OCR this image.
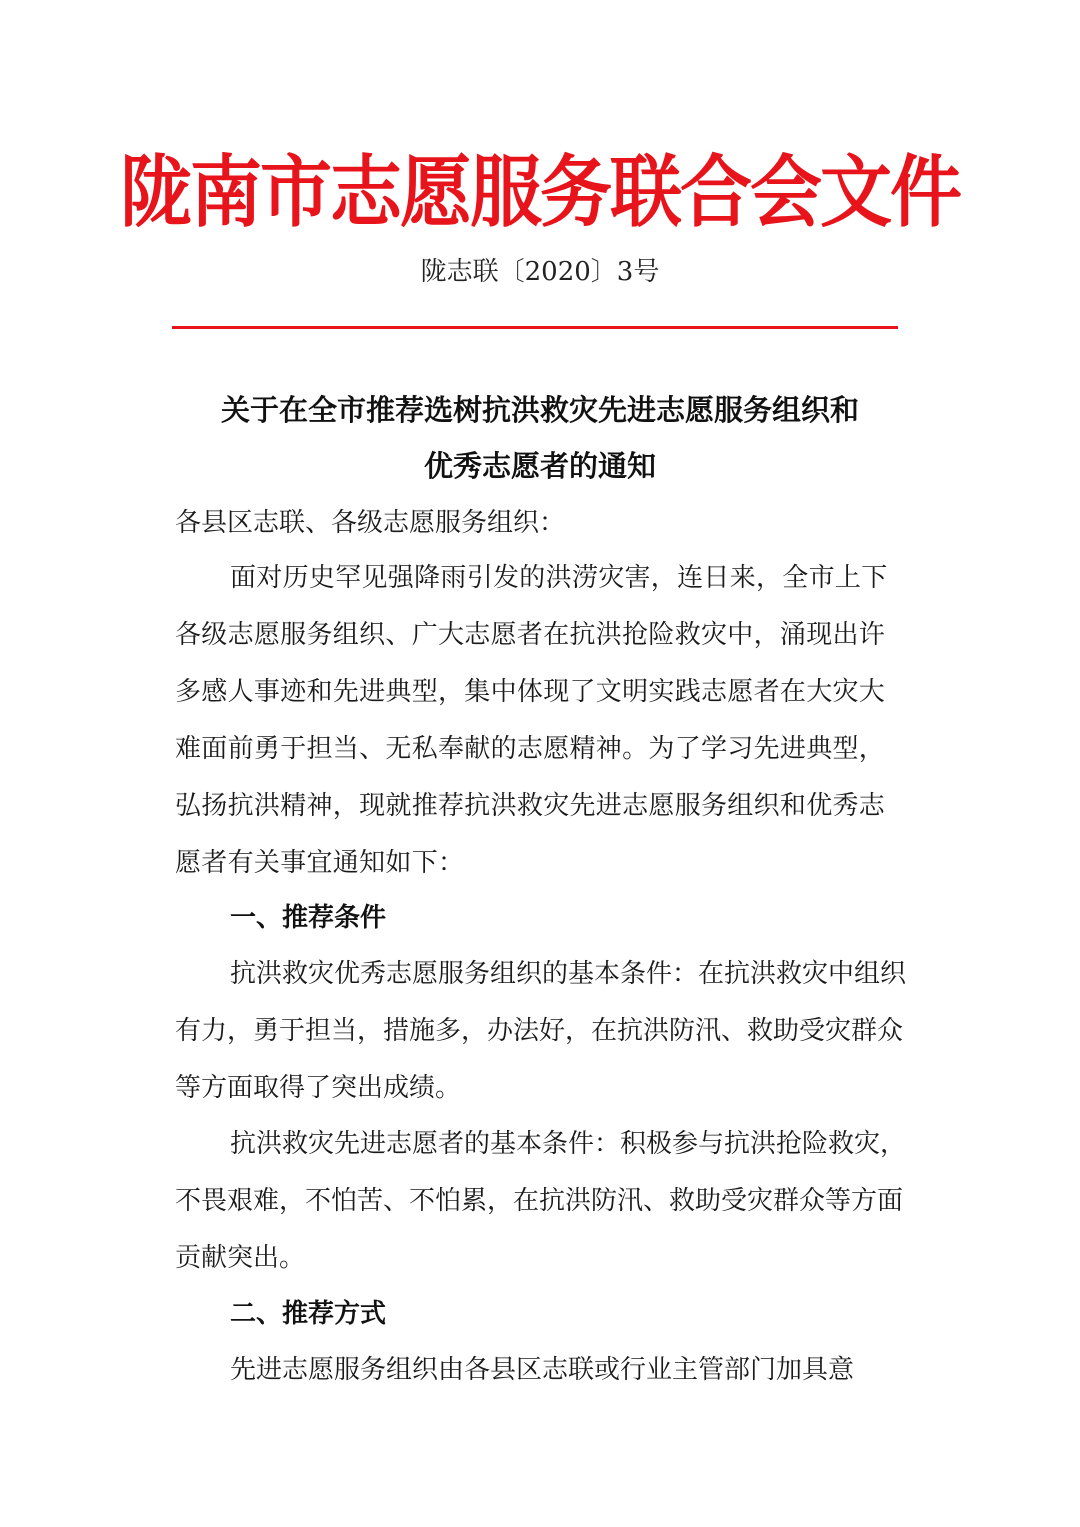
陇南市志愿服务联合会文件
陇志联〔2020〕3号
关于在全市推荐选树抗洪救灾先进志愿服务组织和
优秀志愿者的通知
各县区志联、各级志愿服务组织：
面对历史罕见强降雨引发的洪涝灾害，连日来，全市上下各级志愿服务组织、广大志愿者在抗洪抢险救灾中，涌现出许多感人事迹和先进典型，集中体现了文明实践志愿者在大灾大难面前勇于担当、无私奉献的志愿精神。为了学习先进典型，弘扬抗洪精神，现就推荐抗洪救灾先进志愿服务组织和优秀志愿者有关事宜通知如下：
一、推荐条件
抗洪救灾优秀志愿服务组织的基本条件：在抗洪救灾中组织有力，勇于担当，措施多，办法好，在抗洪防汛、救助受灾群众等方面取得了突出成绩。
抗洪救灾先进志愿者的基本条件：积极参与抗洪抢险救灾，不畏艰难，不怕苦、不怕累，在抗洪防汛、救助受灾群众等方面贡献突出。
二、推荐方式
先进志愿服务组织由各县区志联或行业主管部门加具意
